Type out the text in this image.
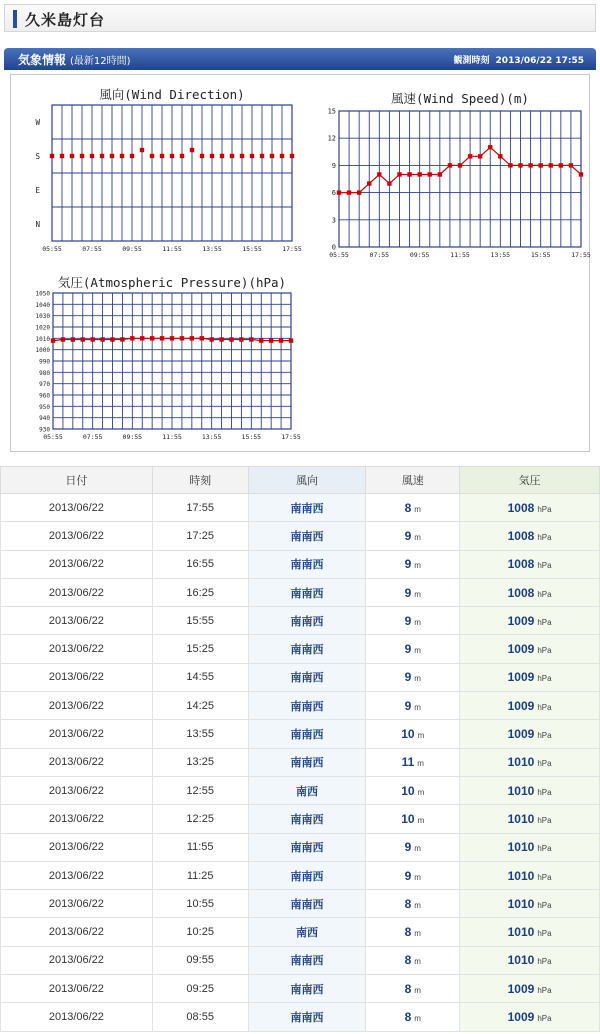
久米島灯台
気象情報 (最新12時間)	観測時刻 2013/06/22 17:55
風向(Wind Direction)
05:55	07:55	09:55	11:55	13:55	15:55	17:55
W
S
E
N
風速(Wind Speed)(m)
05:55	07:55	09:55	11:55	13:55	15:55	17:55
0
3
6
9
12
15
気圧(Atmospheric Pressure)(hPa)
05:55	07:55	09:55	11:55	13:55	15:55	17:55
930
940
950
960
970
980
990
1000
1010
1020
1030
1040
1050
日付	時刻	風向	風速	気圧
2013/06/22	17:55	南南西	8 m	1008 hPa
2013/06/22	17:25	南南西	9 m	1008 hPa
2013/06/22	16:55	南南西	9 m	1008 hPa
2013/06/22	16:25	南南西	9 m	1008 hPa
2013/06/22	15:55	南南西	9 m	1009 hPa
2013/06/22	15:25	南南西	9 m	1009 hPa
2013/06/22	14:55	南南西	9 m	1009 hPa
2013/06/22	14:25	南南西	9 m	1009 hPa
2013/06/22	13:55	南南西	10 m	1009 hPa
2013/06/22	13:25	南南西	11 m	1010 hPa
2013/06/22	12:55	南西	10 m	1010 hPa
2013/06/22	12:25	南南西	10 m	1010 hPa
2013/06/22	11:55	南南西	9 m	1010 hPa
2013/06/22	11:25	南南西	9 m	1010 hPa
2013/06/22	10:55	南南西	8 m	1010 hPa
2013/06/22	10:25	南西	8 m	1010 hPa
2013/06/22	09:55	南南西	8 m	1010 hPa
2013/06/22	09:25	南南西	8 m	1009 hPa
2013/06/22	08:55	南南西	8 m	1009 hPa
